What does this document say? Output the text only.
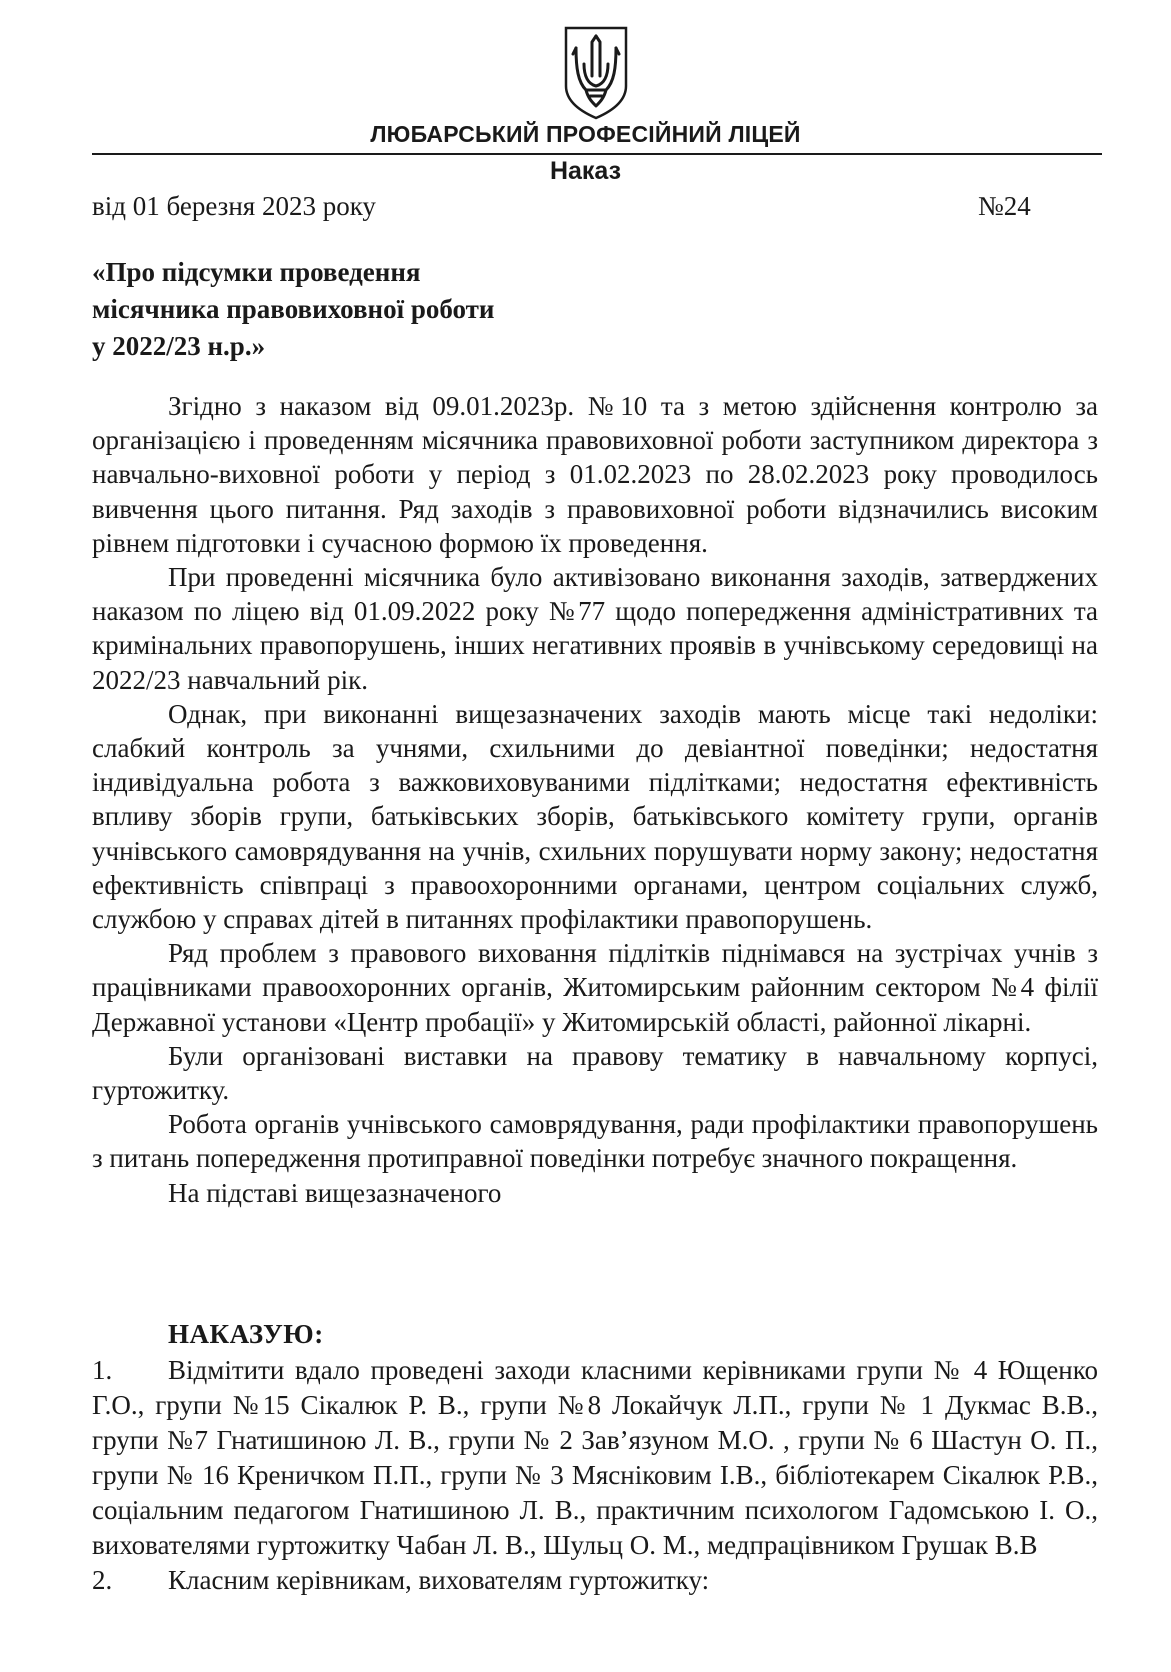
ЛЮБАРСЬКИЙ ПРОФЕСІЙНИЙ ЛІЦЕЙ
Наказ
від 01 березня 2023 року	№24
«Про підсумки проведення
місячника правовиховної роботи
у 2022/23 н.р.»

Згідно з наказом від 09.01.2023р. №10 та з метою здійснення контролю за організацією і проведенням місячника правовиховної роботи заступником директора з навчально-виховної роботи у період з 01.02.2023 по 28.02.2023 року проводилось вивчення цього питання. Ряд заходів з правовиховної роботи відзначились високим рівнем підготовки і сучасною формою їх проведення.

При проведенні місячника було активізовано виконання заходів, затверджених наказом по ліцею від 01.09.2022 року №77 щодо попередження адміністративних та кримінальних правопорушень, інших негативних проявів в учнівському середовищі на 2022/23 навчальний рік.

Однак, при виконанні вищезазначених заходів мають місце такі недоліки: слабкий контроль за учнями, схильними до девіантної поведінки; недостатня індивідуальна робота з важковиховуваними підлітками; недостатня ефективність впливу зборів групи, батьківських зборів, батьківського комітету групи, органів учнівського самоврядування на учнів, схильних порушувати норму закону; недостатня ефективність співпраці з правоохоронними органами, центром соціальних служб, службою у справах дітей в питаннях профілактики правопорушень.

Ряд проблем з правового виховання підлітків піднімався на зустрічах учнів з працівниками правоохоронних органів, Житомирським районним сектором №4 філії Державної установи «Центр пробації» у Житомирській області, районної лікарні.

Були організовані виставки на правову тематику в навчальному корпусі, гуртожитку.

Робота органів учнівського самоврядування, ради профілактики правопорушень з питань попередження протиправної поведінки потребує значного покращення.

На підставі вищезазначеного

НАКАЗУЮ:

1. Відмітити вдало проведені заходи класними керівниками групи № 4 Ющенко Г.О., групи №15 Сікалюк Р. В., групи №8 Локайчук Л.П., групи № 1 Дукмас В.В., групи №7 Гнатишиною Л. В., групи № 2 Зав’язуном М.О. , групи № 6 Шастун О. П., групи № 16 Креничком П.П., групи № 3 Мясніковим І.В., бібліотекарем Сікалюк Р.В., соціальним педагогом Гнатишиною Л. В., практичним психологом Гадомською І. О., вихователями гуртожитку Чабан Л. В., Шульц О. М., медпрацівником Грушак В.В

2. Класним керівникам, вихователям гуртожитку:
